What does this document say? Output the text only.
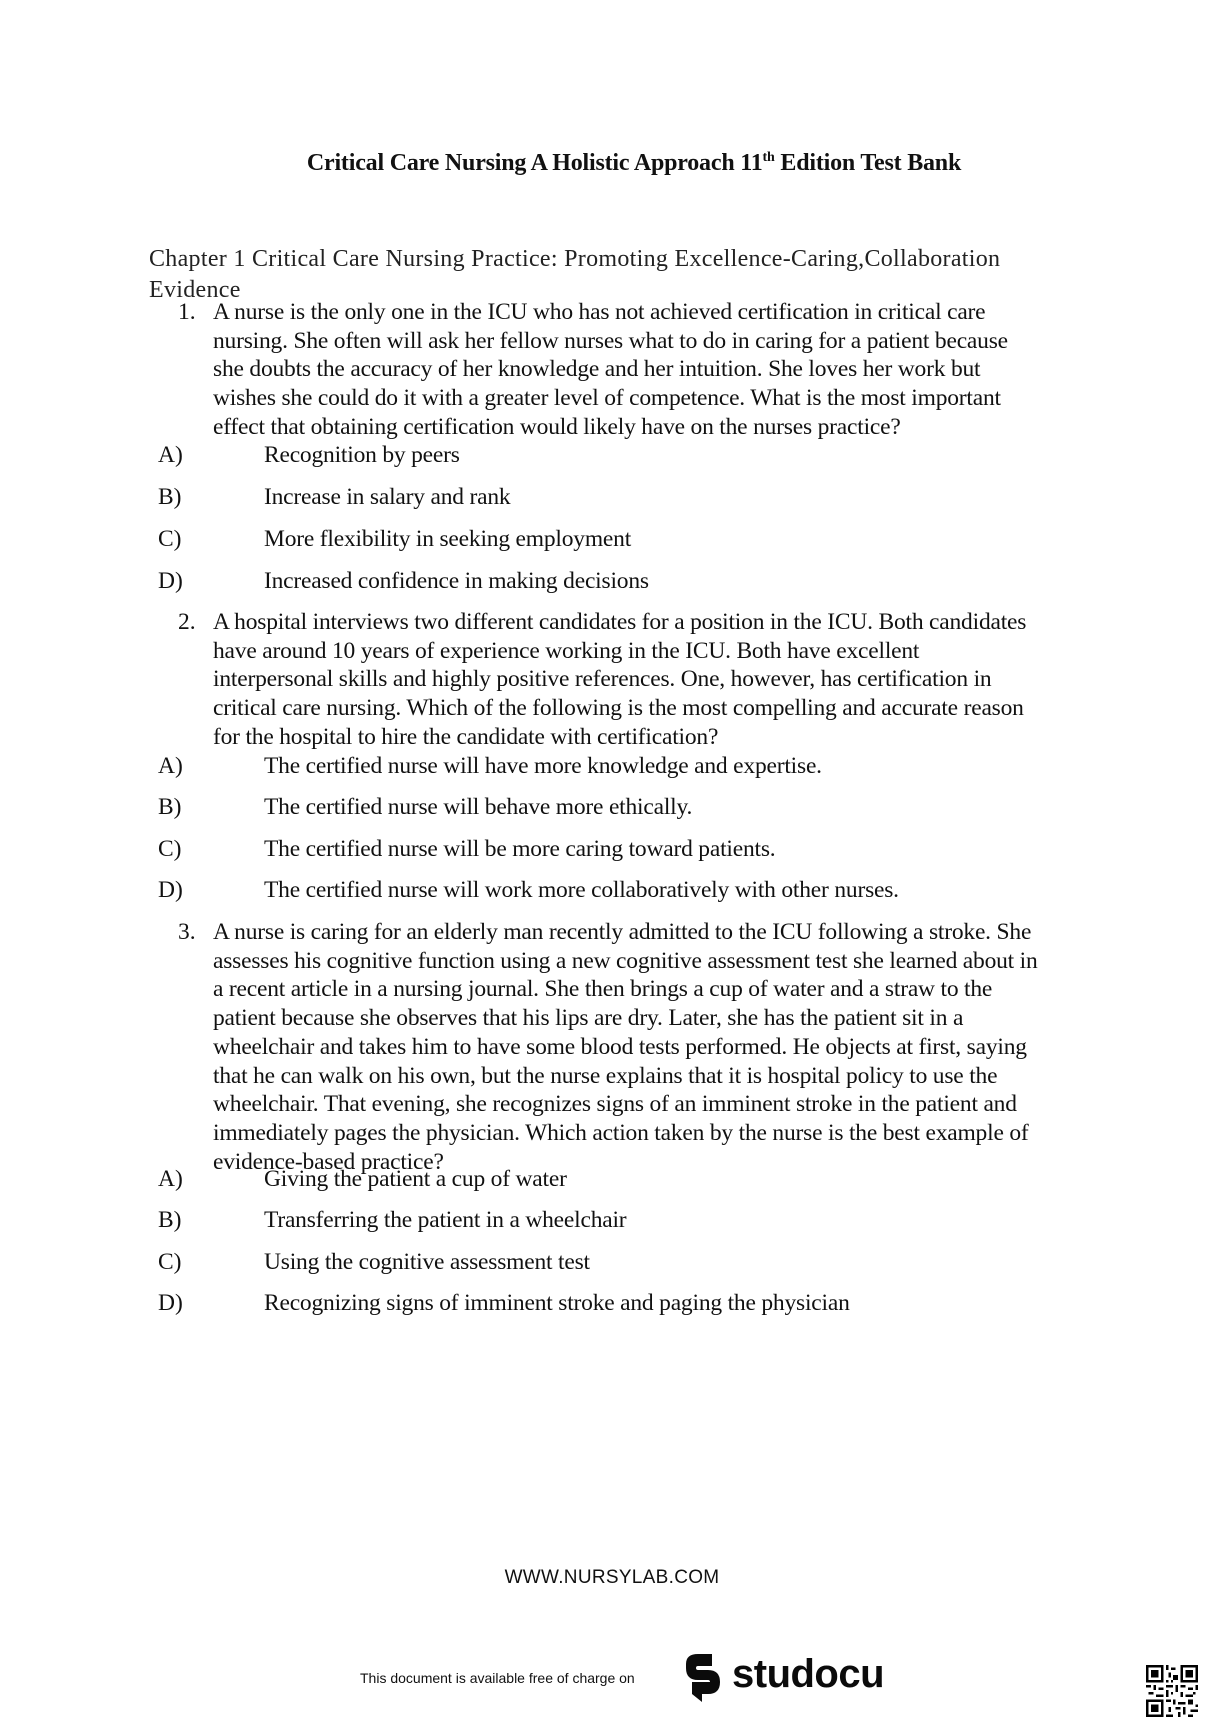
Critical Care Nursing A Holistic Approach 11th Edition Test Bank
Chapter 1 Critical Care Nursing Practice: Promoting Excellence-Caring,Collaboration
Evidence
1. A nurse is the only one in the ICU who has not achieved certification in critical care
nursing. She often will ask her fellow nurses what to do in caring for a patient because
she doubts the accuracy of her knowledge and her intuition. She loves her work but
wishes she could do it with a greater level of competence. What is the most important
effect that obtaining certification would likely have on the nurses practice?
A)	Recognition by peers
B)	Increase in salary and rank
C)	More flexibility in seeking employment
D)	Increased confidence in making decisions
2. A hospital interviews two different candidates for a position in the ICU. Both candidates
have around 10 years of experience working in the ICU. Both have excellent
interpersonal skills and highly positive references. One, however, has certification in
critical care nursing. Which of the following is the most compelling and accurate reason
for the hospital to hire the candidate with certification?
A)	The certified nurse will have more knowledge and expertise.
B)	The certified nurse will behave more ethically.
C)	The certified nurse will be more caring toward patients.
D)	The certified nurse will work more collaboratively with other nurses.
3. A nurse is caring for an elderly man recently admitted to the ICU following a stroke. She
assesses his cognitive function using a new cognitive assessment test she learned about in
a recent article in a nursing journal. She then brings a cup of water and a straw to the
patient because she observes that his lips are dry. Later, she has the patient sit in a
wheelchair and takes him to have some blood tests performed. He objects at first, saying
that he can walk on his own, but the nurse explains that it is hospital policy to use the
wheelchair. That evening, she recognizes signs of an imminent stroke in the patient and
immediately pages the physician. Which action taken by the nurse is the best example of
evidence-based practice?
A)	Giving the patient a cup of water
B)	Transferring the patient in a wheelchair
C)	Using the cognitive assessment test
D)	Recognizing signs of imminent stroke and paging the physician
WWW.NURSYLAB.COM
This document is available free of charge on studocu
